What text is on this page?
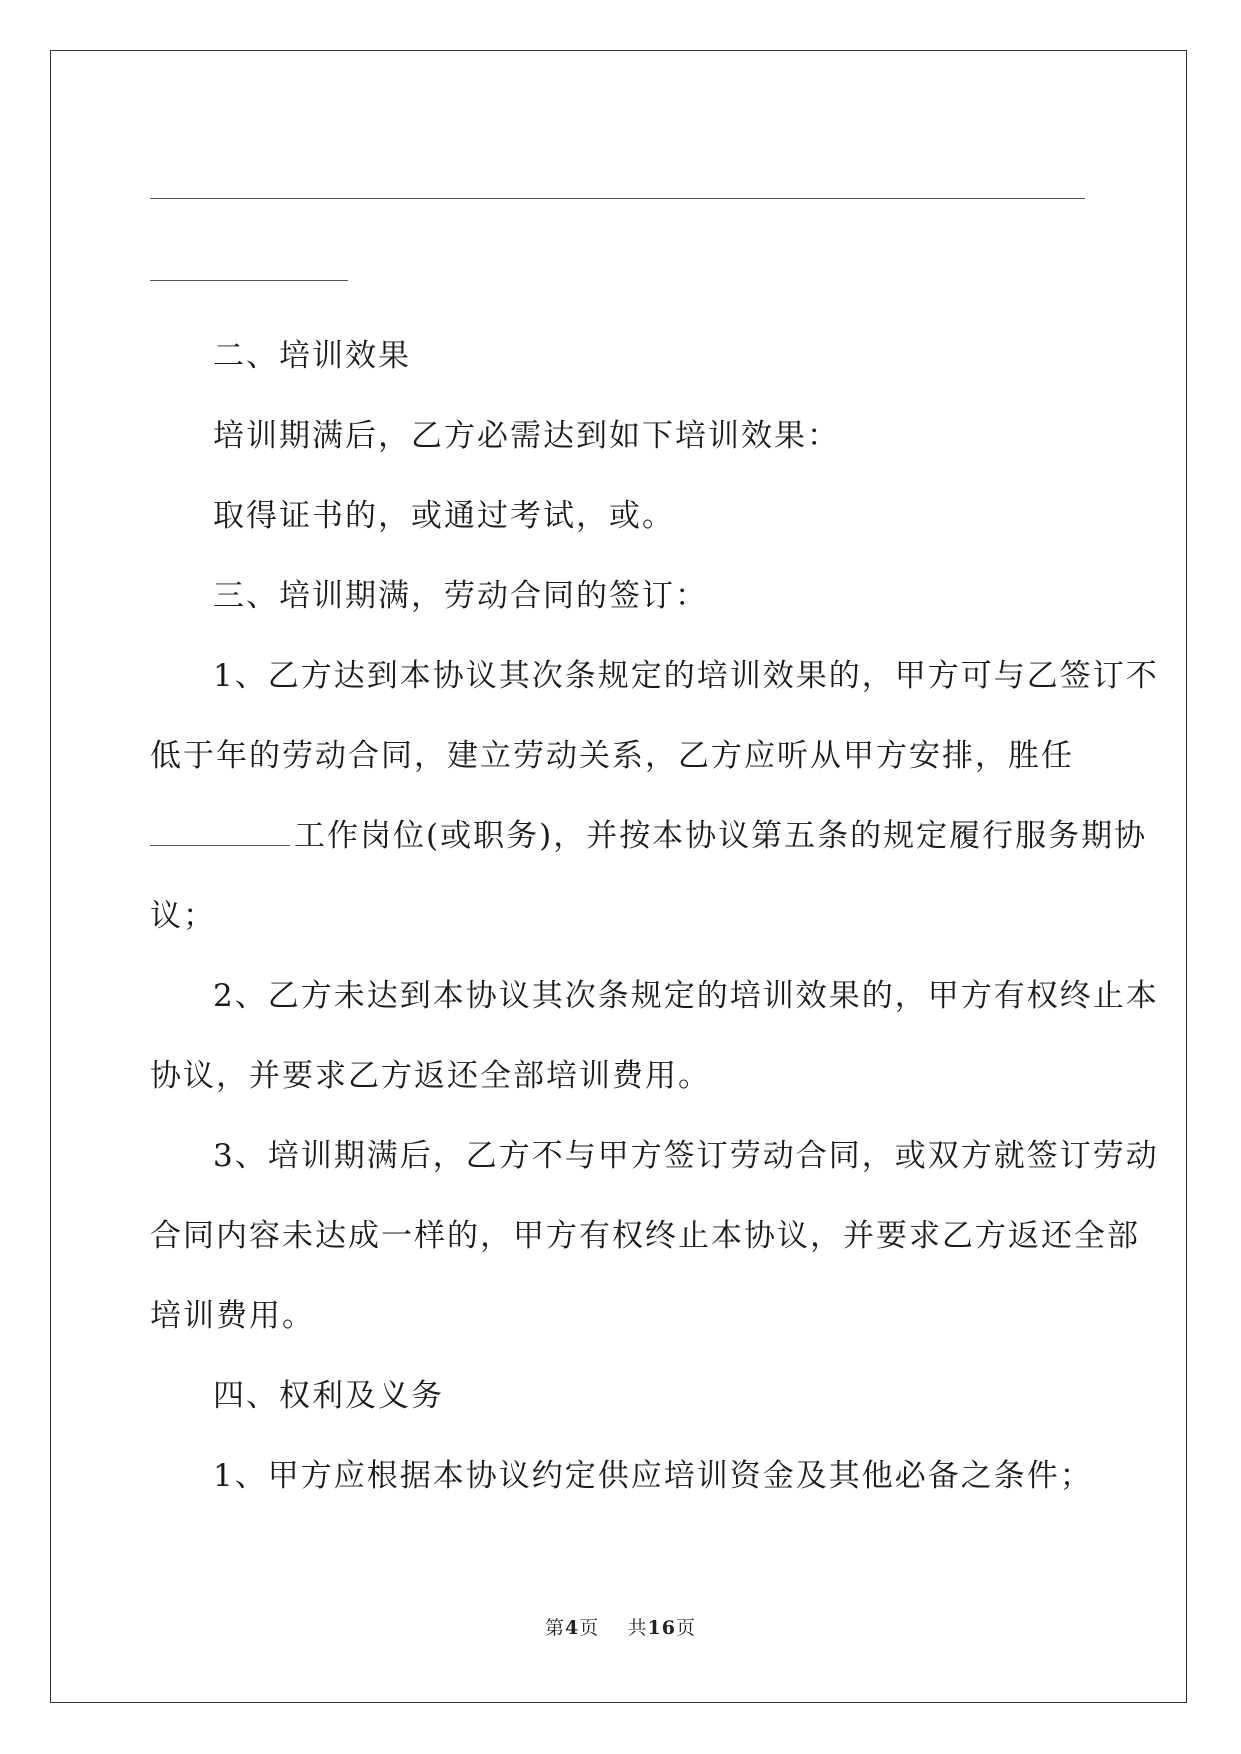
二、培训效果
培训期满后，乙方必需达到如下培训效果：
取得证书的，或通过考试，或。
三、培训期满，劳动合同的签订：
1、乙方达到本协议其次条规定的培训效果的，甲方可与乙签订不
低于年的劳动合同，建立劳动关系，乙方应听从甲方安排，胜任
工作岗位(或职务)，并按本协议第五条的规定履行服务期协
议；
2、乙方未达到本协议其次条规定的培训效果的，甲方有权终止本
协议，并要求乙方返还全部培训费用。
3、培训期满后，乙方不与甲方签订劳动合同，或双方就签订劳动
合同内容未达成一样的，甲方有权终止本协议，并要求乙方返还全部
培训费用。
四、权利及义务
1、甲方应根据本协议约定供应培训资金及其他必备之条件；
第4页 共16页
